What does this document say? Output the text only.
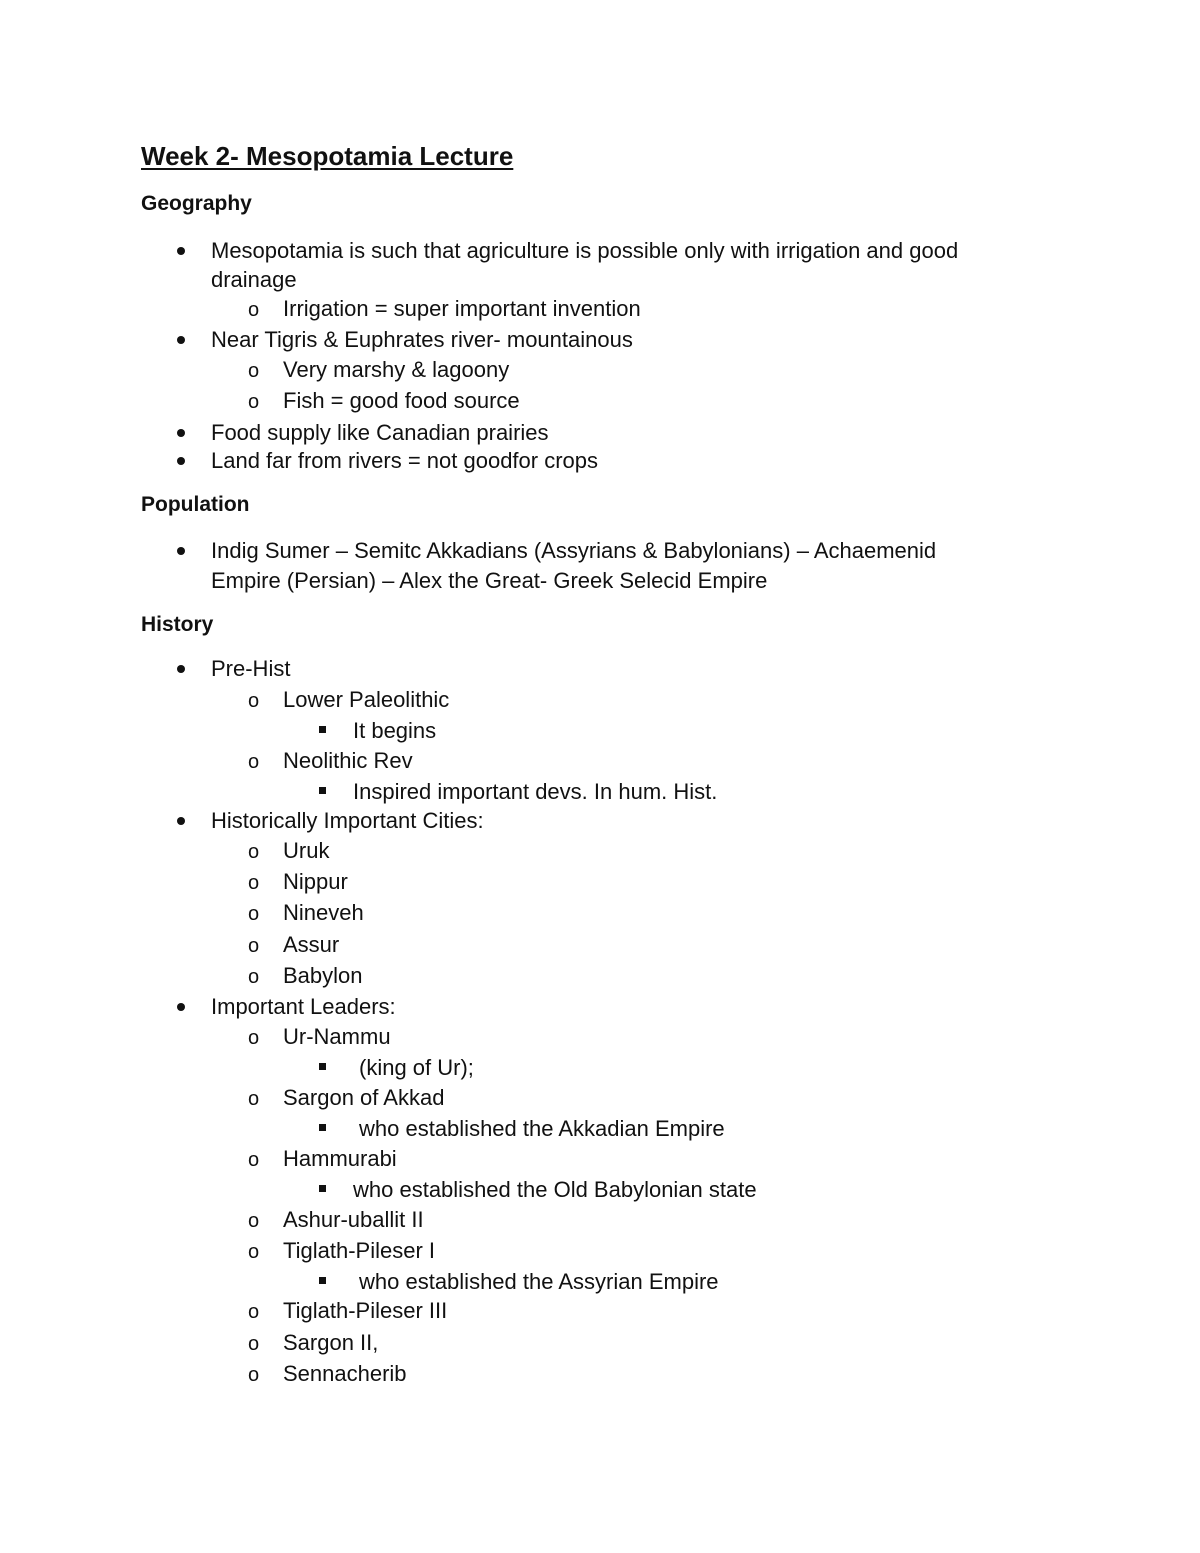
Week 2- Mesopotamia Lecture
Geography
Mesopotamia is such that agriculture is possible only with irrigation and good
drainage
o Irrigation = super important invention
Near Tigris & Euphrates river- mountainous
o Very marshy & lagoony
o Fish = good food source
Food supply like Canadian prairies
Land far from rivers = not goodfor crops
Population
Indig Sumer – Semitc Akkadians (Assyrians & Babylonians) – Achaemenid
Empire (Persian) – Alex the Great- Greek Selecid Empire
History
Pre-Hist
o Lower Paleolithic
It begins
o Neolithic Rev
Inspired important devs. In hum. Hist.
Historically Important Cities:
o Uruk
o Nippur
o Nineveh
o Assur
o Babylon
Important Leaders:
o Ur-Nammu
(king of Ur);
o Sargon of Akkad
who established the Akkadian Empire
o Hammurabi
who established the Old Babylonian state
o Ashur-uballit II
o Tiglath-Pileser I
who established the Assyrian Empire
o Tiglath-Pileser III
o Sargon II,
o Sennacherib
